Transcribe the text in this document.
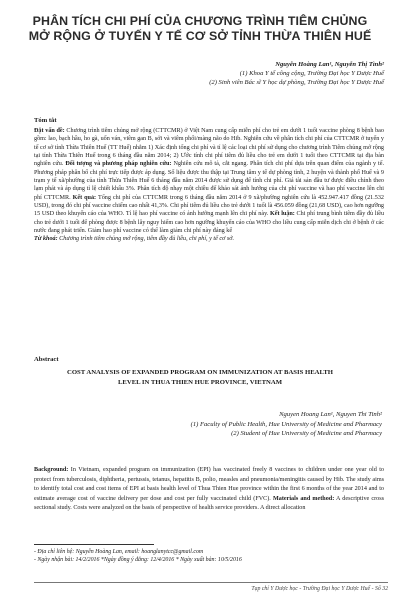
PHÂN TÍCH CHI PHÍ CỦA CHƯƠNG TRÌNH TIÊM CHỦNG
MỞ RỘNG Ở TUYẾN Y TẾ CƠ SỞ TỈNH THỪA THIÊN HUẾ
Nguyễn Hoàng Lan¹, Nguyễn Thị Tình²
(1) Khoa Y tế công cộng, Trường Đại học Y Dược Huế
(2) Sinh viên Bác sĩ Y học dự phòng, Trường Đại học Y Dược Huế
Tóm tắt
Đặt vấn đề: Chương trình tiêm chủng mở rộng (CTTCMR) ở Việt Nam cung cấp miễn phí cho trẻ em dưới 1 tuổi vaccine phòng 8 bệnh bao gồm: lao, bạch hầu, ho gà, uốn ván, viêm gan B, sởi và viêm phổi/màng não do Hib. Nghiên cứu về phân tích chi phí của CTTCMR ở tuyến y tế cơ sở tỉnh Thừa Thiên Huế (TT Huế) nhằm 1) Xác định tổng chi phí và tỉ lệ các loại chi phí sử dụng cho chương trình Tiêm chủng mở rộng tại tỉnh Thừa Thiên Huế trong 6 tháng đầu năm 2014; 2) Ước tính chi phí tiêm đủ liều cho trẻ em dưới 1 tuổi theo CTTCMR tại địa bàn nghiên cứu. Đối tượng và phương pháp nghiên cứu: Nghiên cứu mô tả, cắt ngang. Phân tích chi phí dựa trên quan điểm của ngành y tế. Phương pháp phân bổ chi phí trực tiếp được áp dụng. Số liệu được thu thập tại Trung tâm y tế dự phòng tỉnh, 2 huyện và thành phố Huế và 9 trạm y tế xã/phường của tỉnh Thừa Thiên Huế 6 tháng đầu năm 2014 được sử dụng để tính chi phí. Giá tài sản đầu tư được điều chỉnh theo lạm phát và áp dụng tỉ lệ chiết khấu 3%. Phân tích độ nhạy một chiều để khảo sát ảnh hưởng của chi phí vaccine và hao phí vaccine lên chi phí CTTCMR. Kết quả: Tổng chi phí của CTTCMR trong 6 tháng đầu năm 2014 ở 9 xã/phường nghiên cứu là 452.947.417 đồng (21.532 USD), trong đó chi phí vaccine chiếm cao nhất 41,3%. Chi phí tiêm đủ liều cho trẻ dưới 1 tuổi là 456.059 đồng (21,68 USD), cao hơn ngưỡng 15 USD theo khuyến cáo của WHO. Tỉ lệ hao phí vaccine có ảnh hưởng mạnh lên chi phí này. Kết luận: Chi phí trung bình tiêm đầy đủ liều cho trẻ dưới 1 tuổi để phòng được 8 bệnh lây nguy hiểm cao hơn ngưỡng khuyến cáo của WHO cho liều cung cấp miễn dịch chi ở bệnh ở các nước đang phát triển. Giảm hao phí vaccine có thể làm giảm chi phí này đáng kể
Từ khoá: Chương trình tiêm chủng mở rộng, tiêm đầy đủ liều, chi phí, y tế cơ sở.
Abstract
COST ANALYSIS OF EXPANDED PROGRAM ON IMMUNIZATION AT BASIS HEALTH
LEVEL IN THUA THIEN HUE PROVINCE, VIETNAM
Nguyen Hoang Lan¹, Nguyen Thi Tinh²
(1) Faculty of Public Health, Hue University of Medicine and Pharmacy
(2) Student of Hue University of Medicine and Pharmacy
Background: In Vietnam, expanded program on immunization (EPI) has vaccinated freely 8 vaccines to children under one year old to protect from tuberculosis, diphtheria, pertussis, tetanus, hepatitis B, polio, measles and pneumonia/meningitis caused by Hib. The study aims to identify total cost and cost items of EPI at basis health level of Thua Thien Hue province within the first 6 months of the year 2014 and to estimate average cost of vaccine delivery per dose and cost per fully vaccinated child (FVC). Materials and method: A descriptive cross sectional study. Costs were analyzed on the basis of perspective of health service providers. A direct allocation
- Địa chỉ liên hệ: Nguyễn Hoàng Lan, email: hoanglanytcc@gmail.com
- Ngày nhận bài: 14/2/2016 *Ngày đồng ý đăng: 12/4/2016 * Ngày xuất bản: 10/5/2016
Tạp chí Y Dược học - Trường Đại học Y Dược Huế - Số 32
